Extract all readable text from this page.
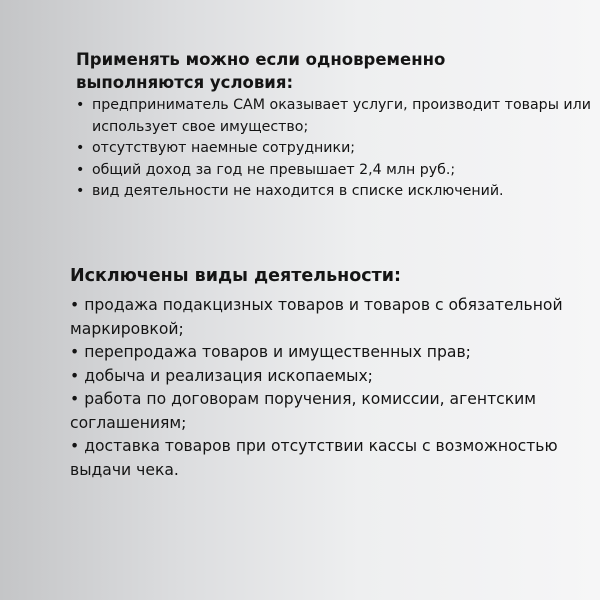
Применять можно если одновременно выполняются условия:
• предприниматель САМ оказывает услуги, производит товары или использует свое имущество;
• отсутствуют наемные сотрудники;
• общий доход за год не превышает 2,4 млн руб.;
• вид деятельности не находится в списке исключений.
Исключены виды деятельности:
• продажа подакцизных товаров и товаров с обязательной маркировкой;
• перепродажа товаров и имущественных прав;
• добыча и реализация ископаемых;
• работа по договорам поручения, комиссии, агентским соглашениям;
• доставка товаров при отсутствии кассы с возможностью выдачи чека.
